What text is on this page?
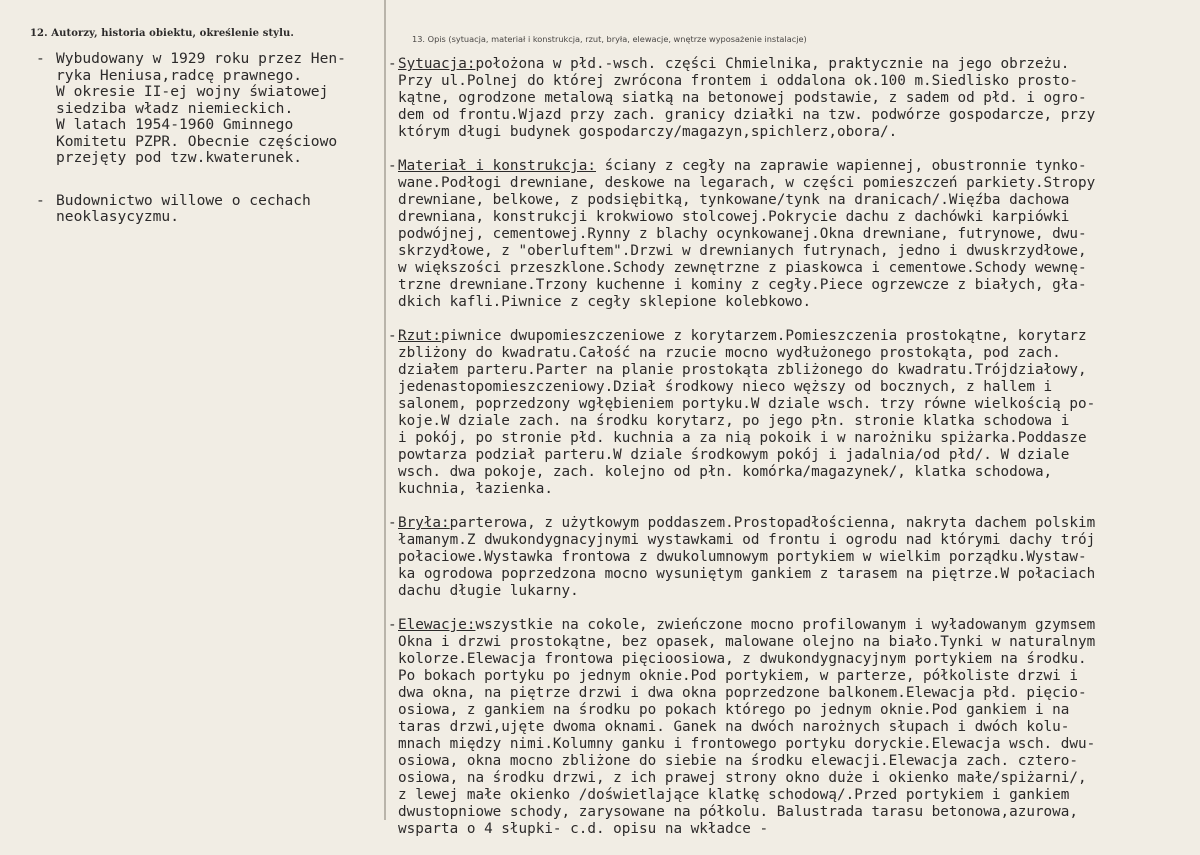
12. Autorzy, historia obiektu, określenie stylu.
- Wybudowany w 1929 roku przez Hen-
ryka Heniusa,radcę prawnego.
W okresie II-ej wojny światowej
siedziba władz niemieckich.
W latach 1954-1960 Gminnego
Komitetu PZPR. Obecnie częściowo
przejęty pod tzw.kwaterunek.
- Budownictwo willowe o cechach
neoklasycyzmu.
13. Opis (sytuacja, materiał i konstrukcja, rzut, bryła, elewacje, wnętrze wyposażenie instalacje)
- Sytuacja:położona w płd.-wsch. części Chmielnika, praktycznie na jego obrzeżu.
Przy ul.Polnej do której zwrócona frontem i oddalona ok.100 m.Siedlisko prosto-
kątne, ogrodzone metalową siatką na betonowej podstawie, z sadem od płd. i ogro-
dem od frontu.Wjazd przy zach. granicy działki na tzw. podwórze gospodarcze, przy
którym długi budynek gospodarczy/magazyn,spichlerz,obora/.
- Materiał i konstrukcja: ściany z cegły na zaprawie wapiennej, obustronnie tynko-
wane.Podłogi drewniane, deskowe na legarach, w części pomieszczeń parkiety.Stropy
drewniane, belkowe, z podsiębitką, tynkowane/tynk na dranicach/.Więźba dachowa
drewniana, konstrukcji krokwiowo stolcowej.Pokrycie dachu z dachówki karpiówki
podwójnej, cementowej.Rynny z blachy ocynkowanej.Okna drewniane, futrynowe, dwu-
skrzydłowe, z "oberluftem".Drzwi w drewnianych futrynach, jedno i dwuskrzydłowe,
w większości przeszklone.Schody zewnętrzne z piaskowca i cementowe.Schody wewnę-
trzne drewniane.Trzony kuchenne i kominy z cegły.Piece ogrzewcze z białych, gła-
dkich kafli.Piwnice z cegły sklepione kolebkowo.
- Rzut:piwnice dwupomieszczeniowe z korytarzem.Pomieszczenia prostokątne, korytarz
zbliżony do kwadratu.Całość na rzucie mocno wydłużonego prostokąta, pod zach.
działem parteru.Parter na planie prostokąta zbliżonego do kwadratu.Trójdziałowy,
jedenastopomieszczeniowy.Dział środkowy nieco węższy od bocznych, z hallem i
salonem, poprzedzony wgłębieniem portyku.W dziale wsch. trzy równe wielkością po-
koje.W dziale zach. na środku korytarz, po jego płn. stronie klatka schodowa i
i pokój, po stronie płd. kuchnia a za nią pokoik i w narożniku spiżarka.Poddasze
powtarza podział parteru.W dziale środkowym pokój i jadalnia/od płd/. W dziale
wsch. dwa pokoje, zach. kolejno od płn. komórka/magazynek/, klatka schodowa,
kuchnia, łazienka.
- Bryła:parterowa, z użytkowym poddaszem.Prostopadłościenna, nakryta dachem polskim
łamanym.Z dwukondygnacyjnymi wystawkami od frontu i ogrodu nad którymi dachy trój
połaciowe.Wystawka frontowa z dwukolumnowym portykiem w wielkim porządku.Wystaw-
ka ogrodowa poprzedzona mocno wysuniętym gankiem z tarasem na piętrze.W połaciach
dachu długie lukarny.
- Elewacje:wszystkie na cokole, zwieńczone mocno profilowanym i wyładowanym gzymsem
Okna i drzwi prostokątne, bez opasek, malowane olejno na biało.Tynki w naturalnym
kolorze.Elewacja frontowa pięcioosiowa, z dwukondygnacyjnym portykiem na środku.
Po bokach portyku po jednym oknie.Pod portykiem, w parterze, półkoliste drzwi i
dwa okna, na piętrze drzwi i dwa okna poprzedzone balkonem.Elewacja płd. pięcio-
osiowa, z gankiem na środku po pokach którego po jednym oknie.Pod gankiem i na
taras drzwi,ujęte dwoma oknami. Ganek na dwóch narożnych słupach i dwóch kolu-
mnach między nimi.Kolumny ganku i frontowego portyku doryckie.Elewacja wsch. dwu-
osiowa, okna mocno zbliżone do siebie na środku elewacji.Elewacja zach. cztero-
osiowa, na środku drzwi, z ich prawej strony okno duże i okienko małe/spiżarni/,
z lewej małe okienko /doświetlające klatkę schodową/.Przed portykiem i gankiem
dwustopniowe schody, zarysowane na półkolu. Balustrada tarasu betonowa,azurowa,
wsparta o 4 słupki- c.d. opisu na wkładce -
